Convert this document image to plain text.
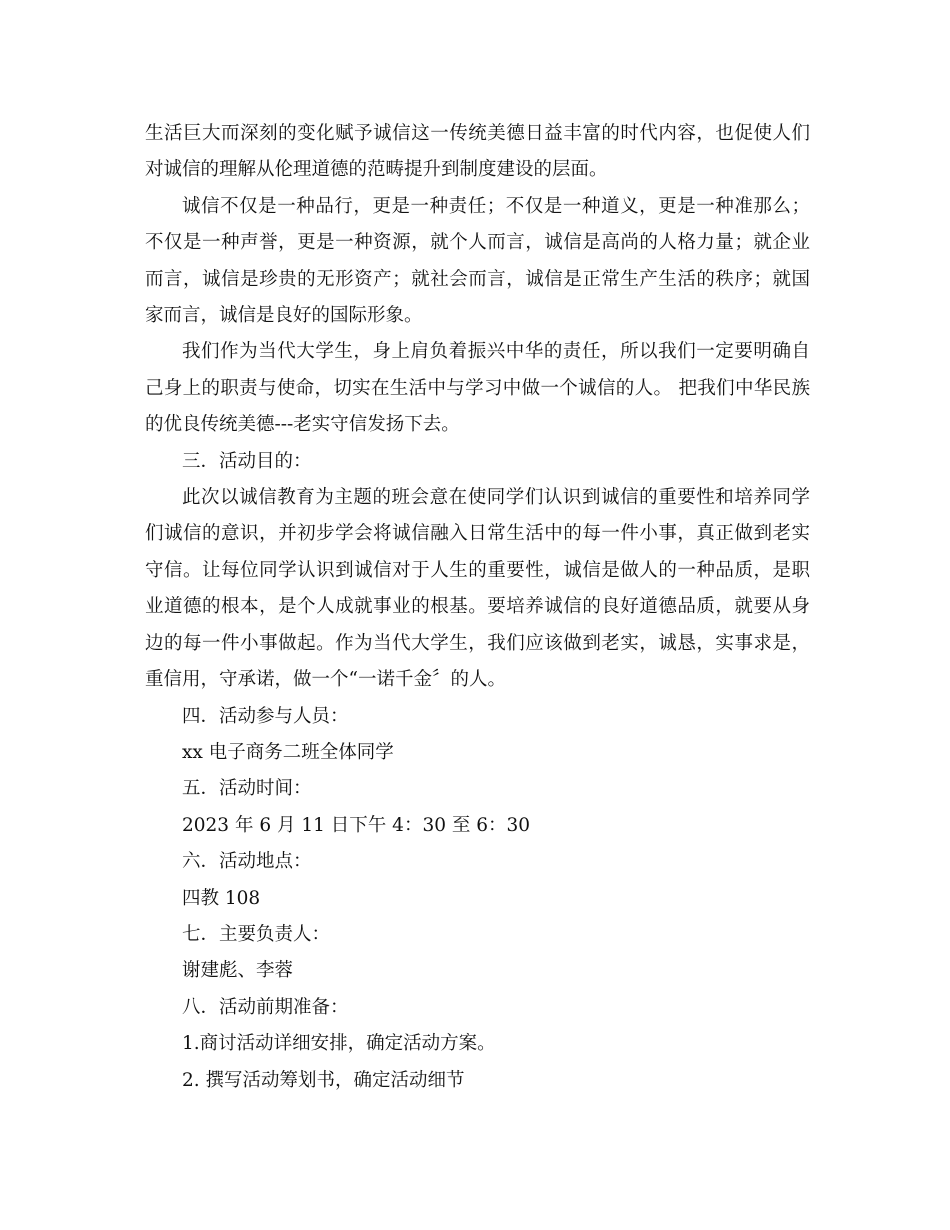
生活巨大而深刻的变化赋予诚信这一传统美德日益丰富的时代内容，也促使人们对诚信的理解从伦理道德的范畴提升到制度建设的层面。

诚信不仅是一种品行，更是一种责任；不仅是一种道义，更是一种准那么；不仅是一种声誉，更是一种资源，就个人而言，诚信是高尚的人格力量；就企业而言，诚信是珍贵的无形资产；就社会而言，诚信是正常生产生活的秩序；就国家而言，诚信是良好的国际形象。

我们作为当代大学生，身上肩负着振兴中华的责任，所以我们一定要明确自己身上的职责与使命，切实在生活中与学习中做一个诚信的人。 把我们中华民族的优良传统美德---老实守信发扬下去。

三．活动目的：

此次以诚信教育为主题的班会意在使同学们认识到诚信的重要性和培养同学们诚信的意识，并初步学会将诚信融入日常生活中的每一件小事，真正做到老实守信。让每位同学认识到诚信对于人生的重要性，诚信是做人的一种品质，是职业道德的根本，是个人成就事业的根基。要培养诚信的良好道德品质，就要从身边的每一件小事做起。作为当代大学生，我们应该做到老实，诚恳，实事求是，重信用，守承诺，做一个“一诺千金〞的人。

四．活动参与人员：

xx 电子商务二班全体同学

五．活动时间：

2023 年 6 月 11 日下午 4：30 至 6：30

六．活动地点：

四教 108

七．主要负责人：

谢建彪、李蓉

八．活动前期准备：

1.商讨活动详细安排，确定活动方案。

2. 撰写活动筹划书，确定活动细节
